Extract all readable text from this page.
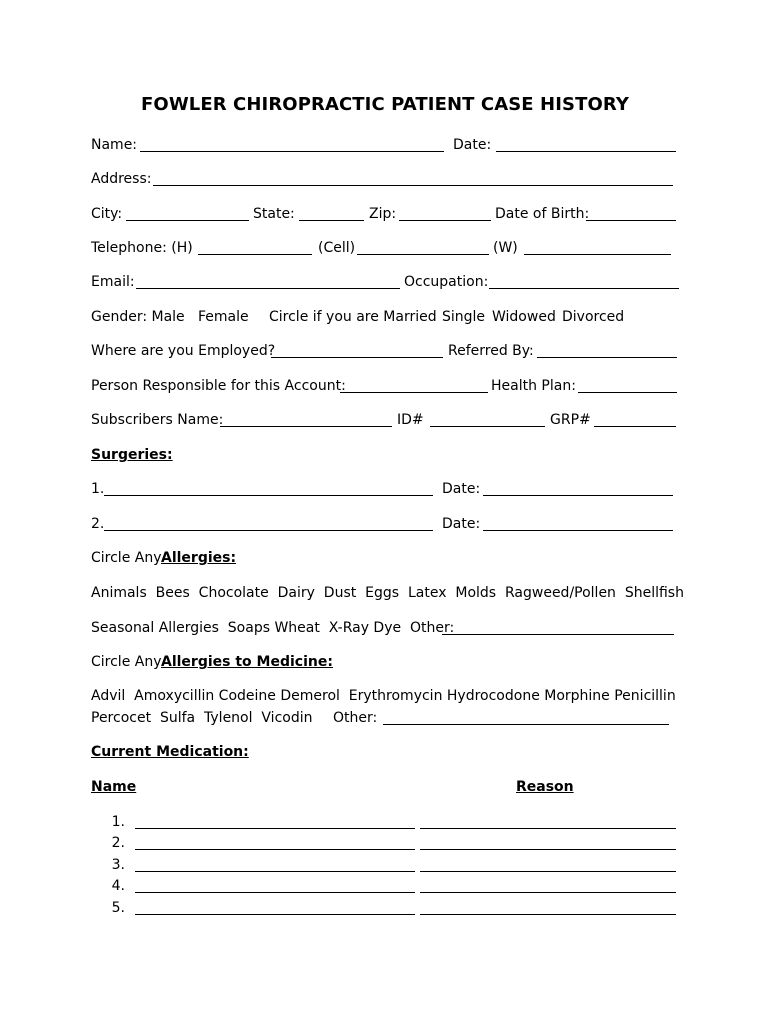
FOWLER CHIROPRACTIC PATIENT CASE HISTORY
Name:	Date:
Address:
City:	State:	Zip:	Date of Birth:
Telephone: (H)	(Cell)	(W)
Email:	Occupation:
Gender: Male Female Circle if you are Married Single Widowed Divorced
Where are you Employed?	Referred By:
Person Responsible for this Account:	Health Plan:
Subscribers Name:	ID#	GRP#
Surgeries:
1.	Date:
2.	Date:
Circle Any Allergies:
Animals  Bees  Chocolate  Dairy  Dust  Eggs  Latex  Molds  Ragweed/Pollen  Shellfish
Seasonal Allergies  Soaps Wheat  X-Ray Dye  Other:
Circle Any Allergies to Medicine:
Advil  Amoxycillin Codeine Demerol  Erythromycin Hydrocodone Morphine Penicillin
Percocet  Sulfa  Tylenol  Vicodin Other:
Current Medication:
Name	Reason
1.
2.
3.
4.
5.
